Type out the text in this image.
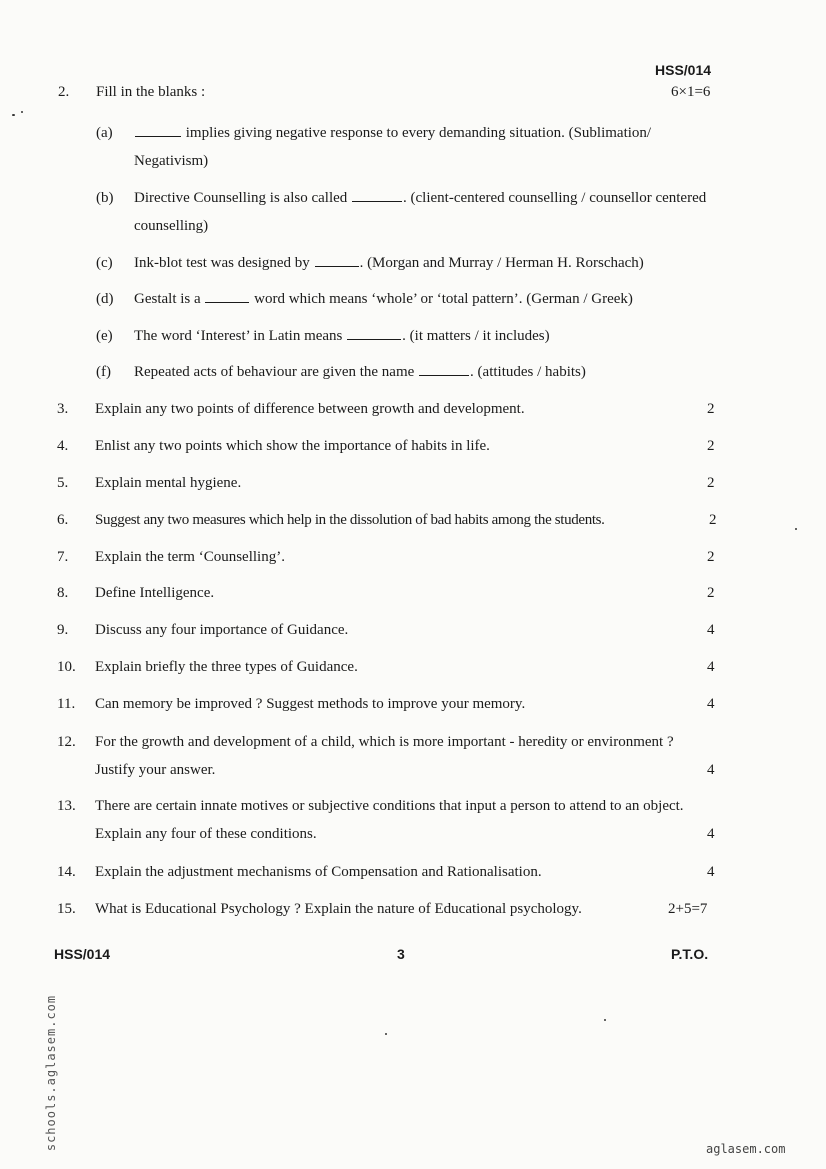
HSS/014
2. Fill in the blanks :	6×1=6
(a)	implies giving negative response to every demanding situation. (Sublimation/ Negativism)
(b) Directive Counselling is also called	. (client-centered counselling / counsellor centered counselling)
(c) Ink-blot test was designed by	. (Morgan and Murray / Herman H. Rorschach)
(d) Gestalt is a	word which means ‘whole’ or ‘total pattern’. (German / Greek)
(e) The word ‘Interest’ in Latin means	. (it matters / it includes)
(f) Repeated acts of behaviour are given the name	. (attitudes / habits)
3.	Explain any two points of difference between growth and development.	2
4.	Enlist any two points which show the importance of habits in life.	2
5.	Explain mental hygiene.	2
6.	Suggest any two measures which help in the dissolution of bad habits among the students.	2
7.	Explain the term ‘Counselling’.	2
8.	Define Intelligence.	2
9.	Discuss any four importance of Guidance.	4
10.	Explain briefly the three types of Guidance.	4
11.	Can memory be improved ? Suggest methods to improve your memory.	4
12.	For the growth and development of a child, which is more important - heredity or environment ? Justify your answer.	4
13.	There are certain innate motives or subjective conditions that input a person to attend to an object. Explain any four of these conditions.	4
14.	Explain the adjustment mechanisms of Compensation and Rationalisation.	4
15.	What is Educational Psychology ? Explain the nature of Educational psychology.	2+5=7
HSS/014	3	P.T.O.
schools.aglasem.com	aglasem.com
